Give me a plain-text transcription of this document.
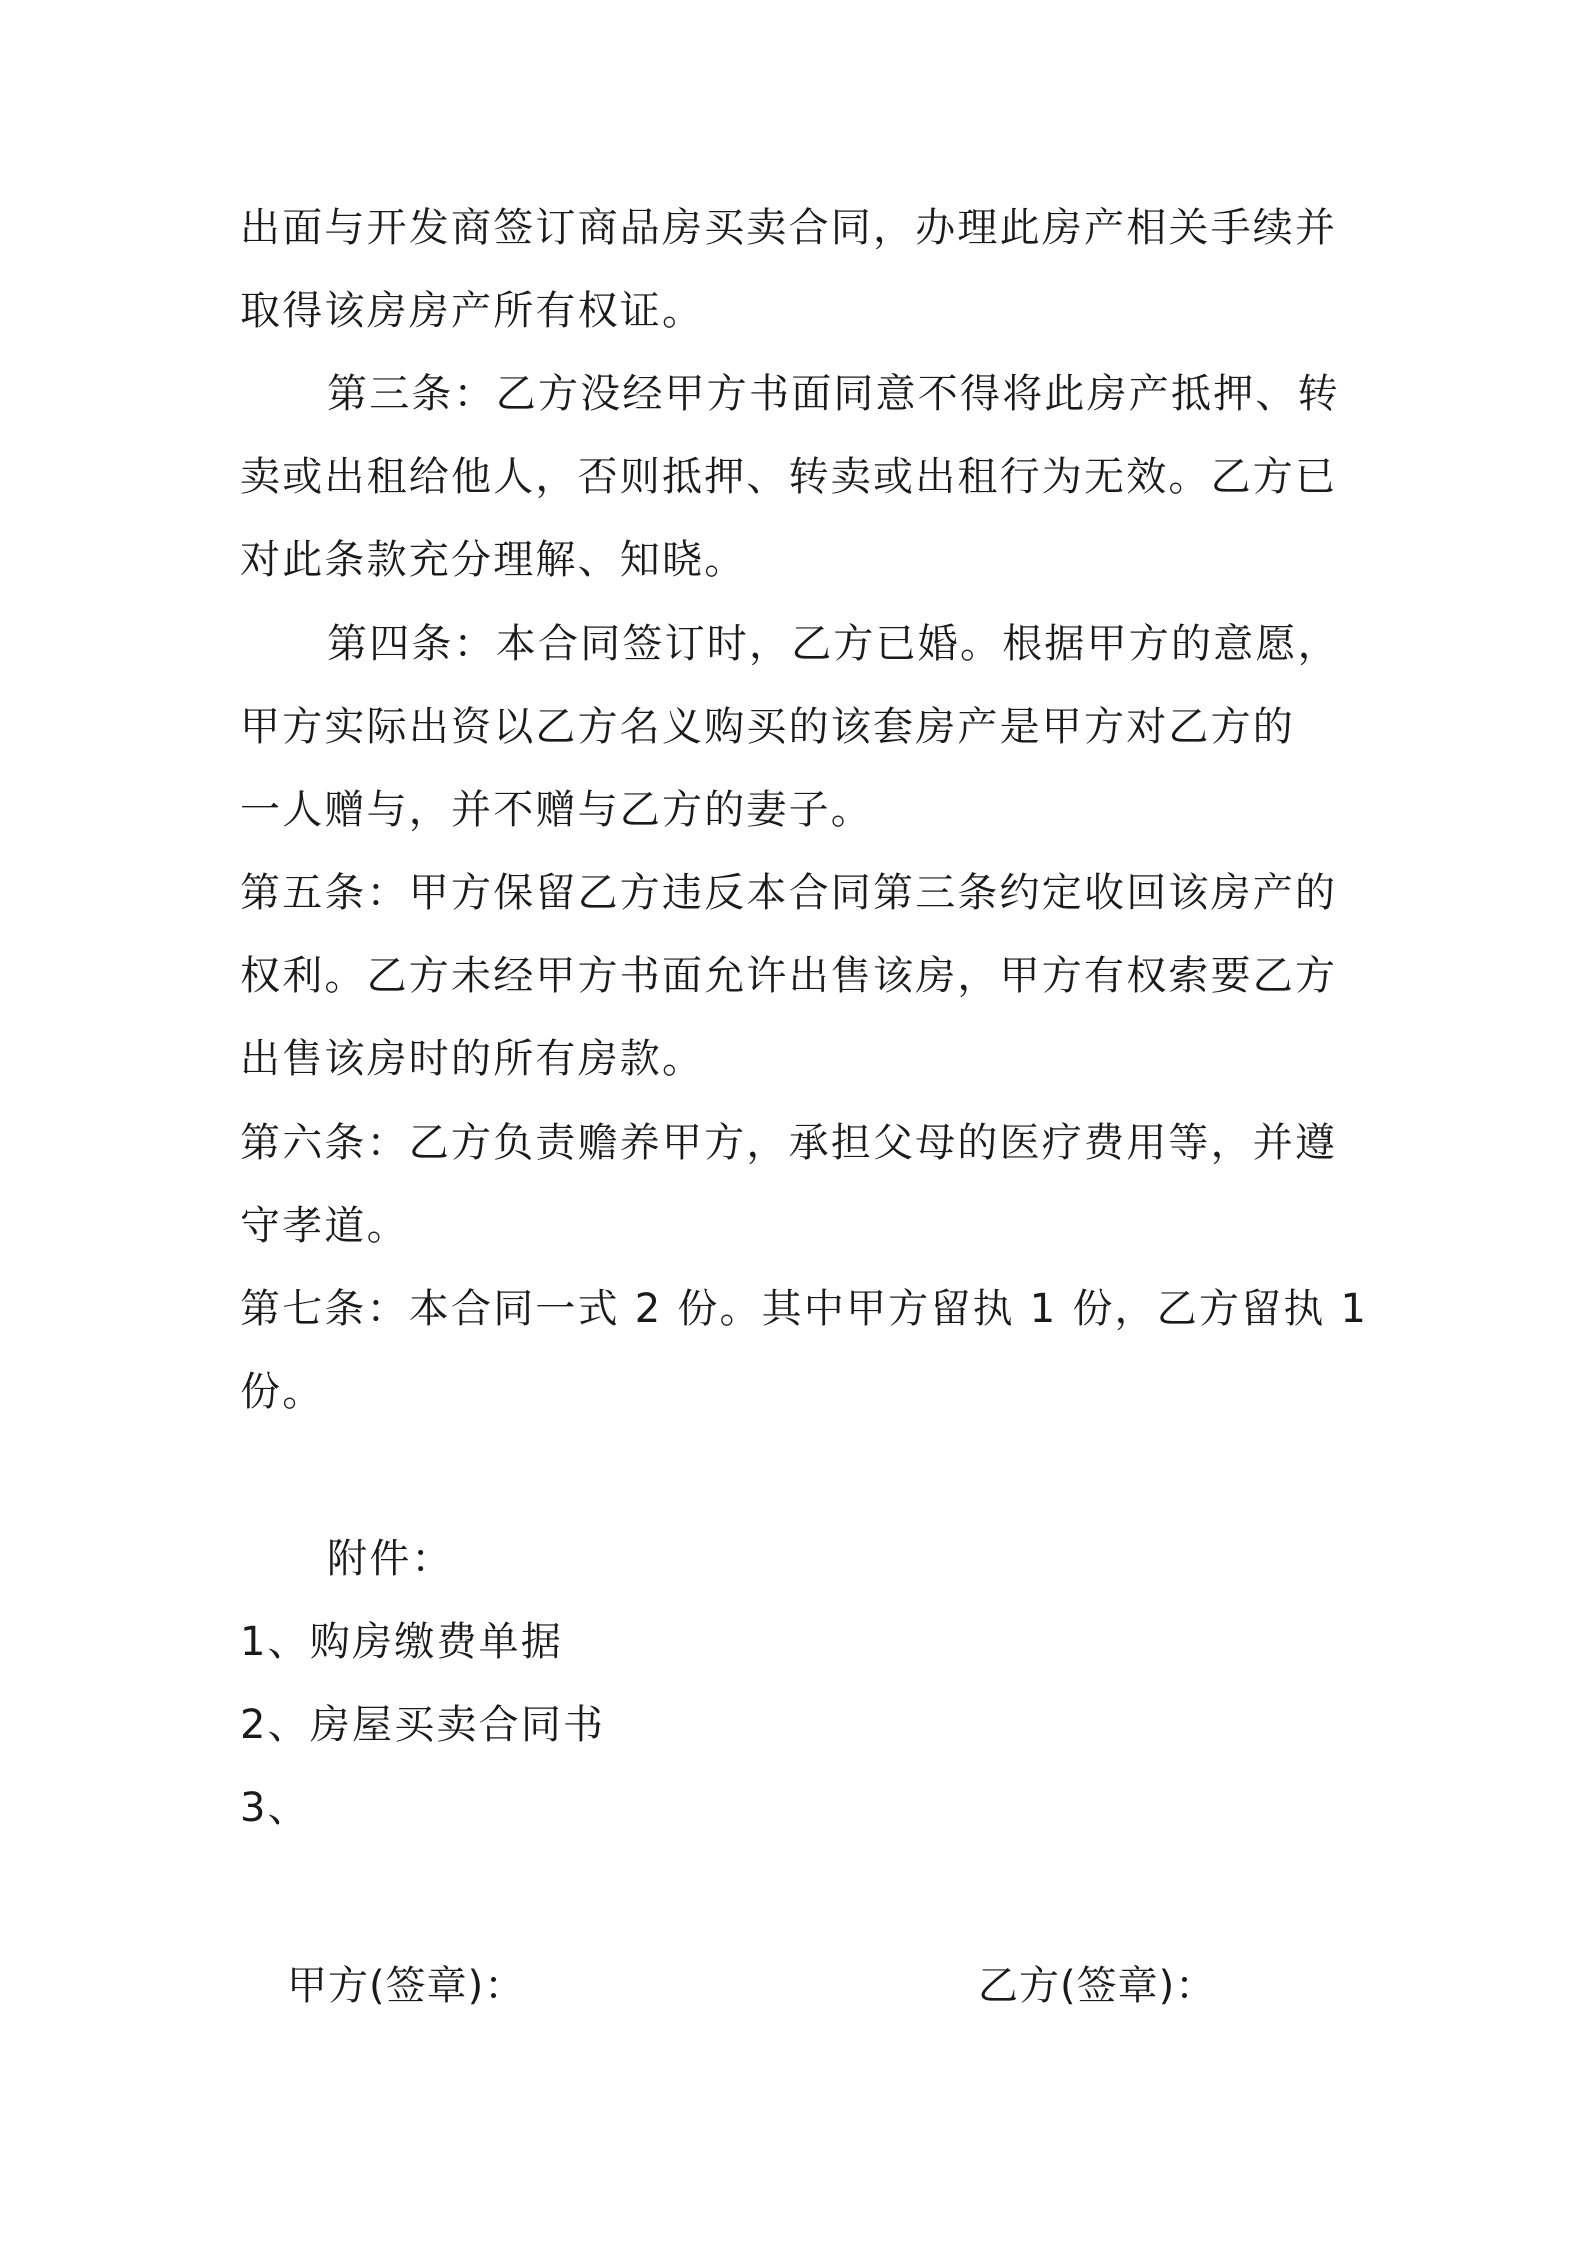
出面与开发商签订商品房买卖合同，办理此房产相关手续并
取得该房房产所有权证。
第三条：乙方没经甲方书面同意不得将此房产抵押、转
卖或出租给他人，否则抵押、转卖或出租行为无效。乙方已
对此条款充分理解、知晓。
第四条：本合同签订时，乙方已婚。根据甲方的意愿，
甲方实际出资以乙方名义购买的该套房产是甲方对乙方的
一人赠与，并不赠与乙方的妻子。
第五条：甲方保留乙方违反本合同第三条约定收回该房产的
权利。乙方未经甲方书面允许出售该房，甲方有权索要乙方
出售该房时的所有房款。
第六条：乙方负责赡养甲方，承担父母的医疗费用等，并遵
守孝道。
第七条：本合同一式 2 份。其中甲方留执 1 份，乙方留执 1
份。
附件：
1、购房缴费单据
2、房屋买卖合同书
3、
甲方(签章)：	乙方(签章)：
